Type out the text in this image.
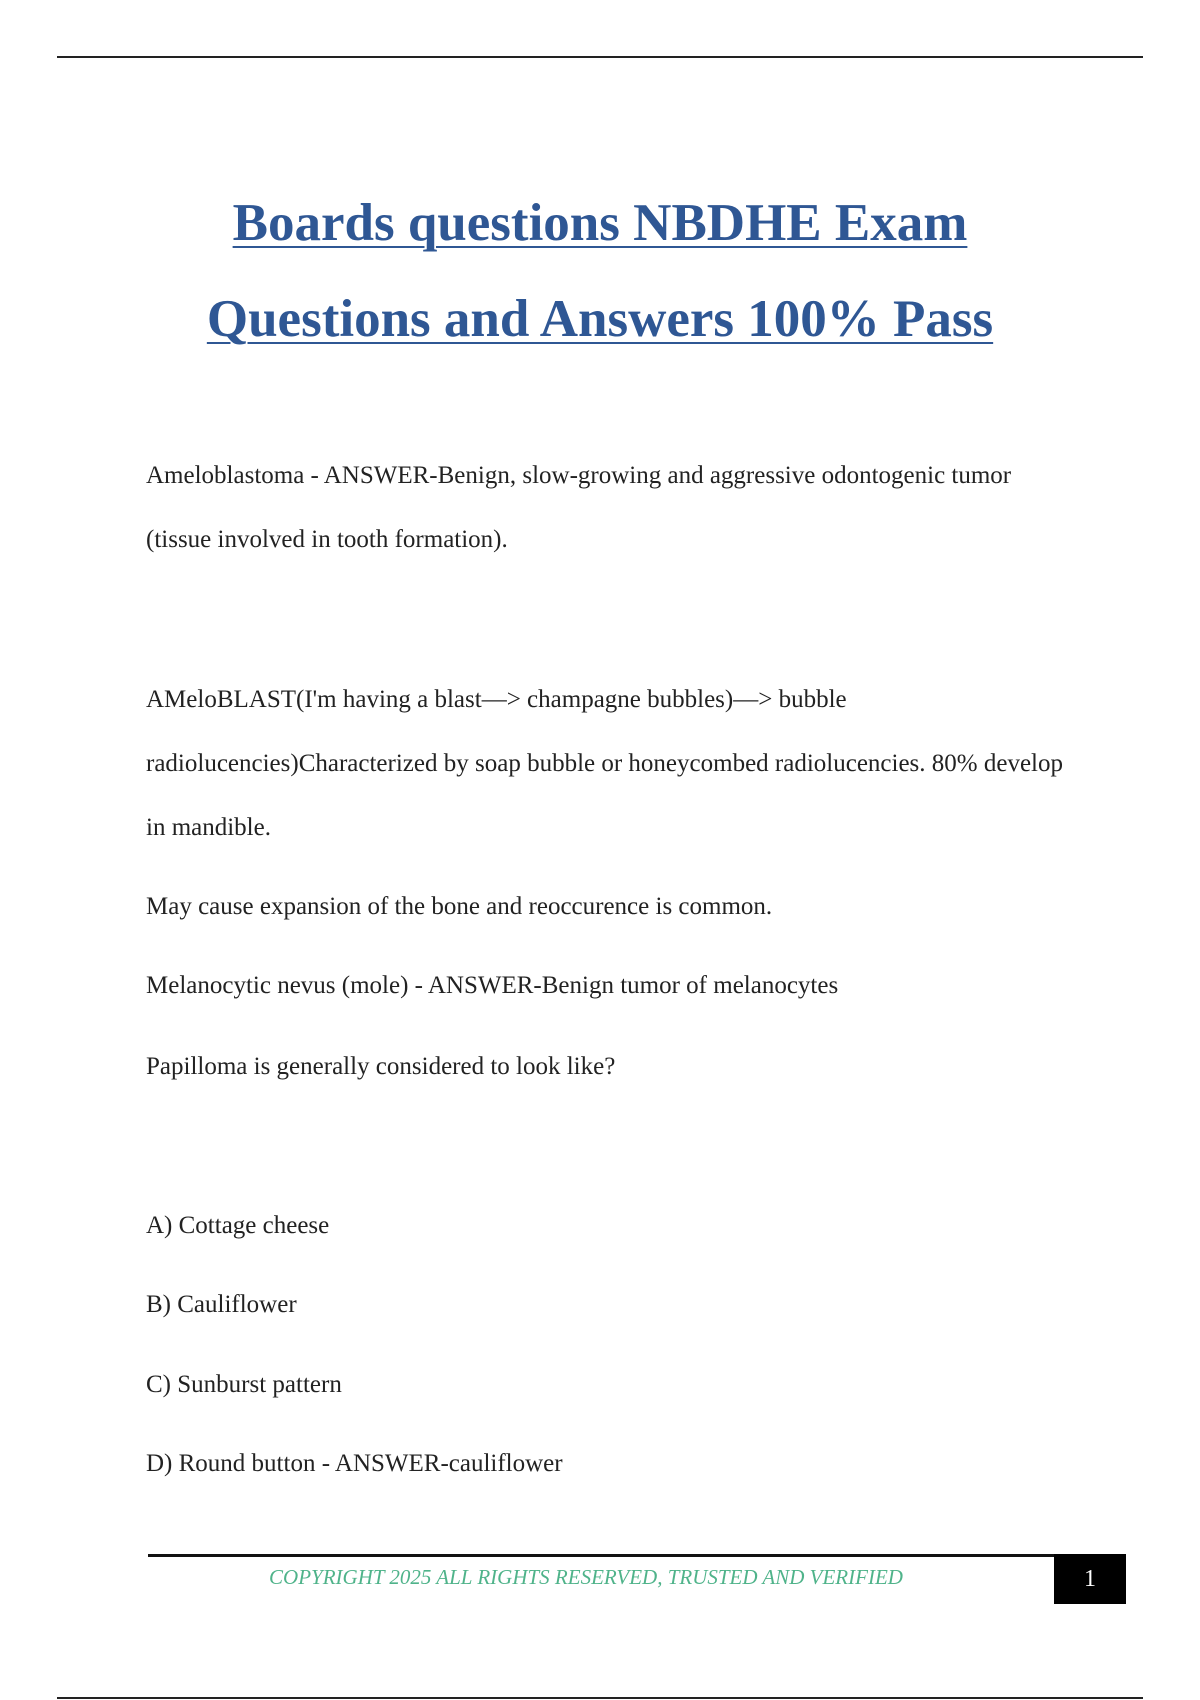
Boards questions NBDHE Exam
Questions and Answers 100% Pass

Ameloblastoma - ANSWER-Benign, slow-growing and aggressive odontogenic tumor (tissue involved in tooth formation).

AMeloBLAST(I'm having a blast—> champagne bubbles)—> bubble radiolucencies)Characterized by soap bubble or honeycombed radiolucencies. 80% develop in mandible.

May cause expansion of the bone and reoccurence is common.

Melanocytic nevus (mole) - ANSWER-Benign tumor of melanocytes

Papilloma is generally considered to look like?

A) Cottage cheese

B) Cauliflower

C) Sunburst pattern

D) Round button - ANSWER-cauliflower

COPYRIGHT 2025 ALL RIGHTS RESERVED, TRUSTED AND VERIFIED	1
